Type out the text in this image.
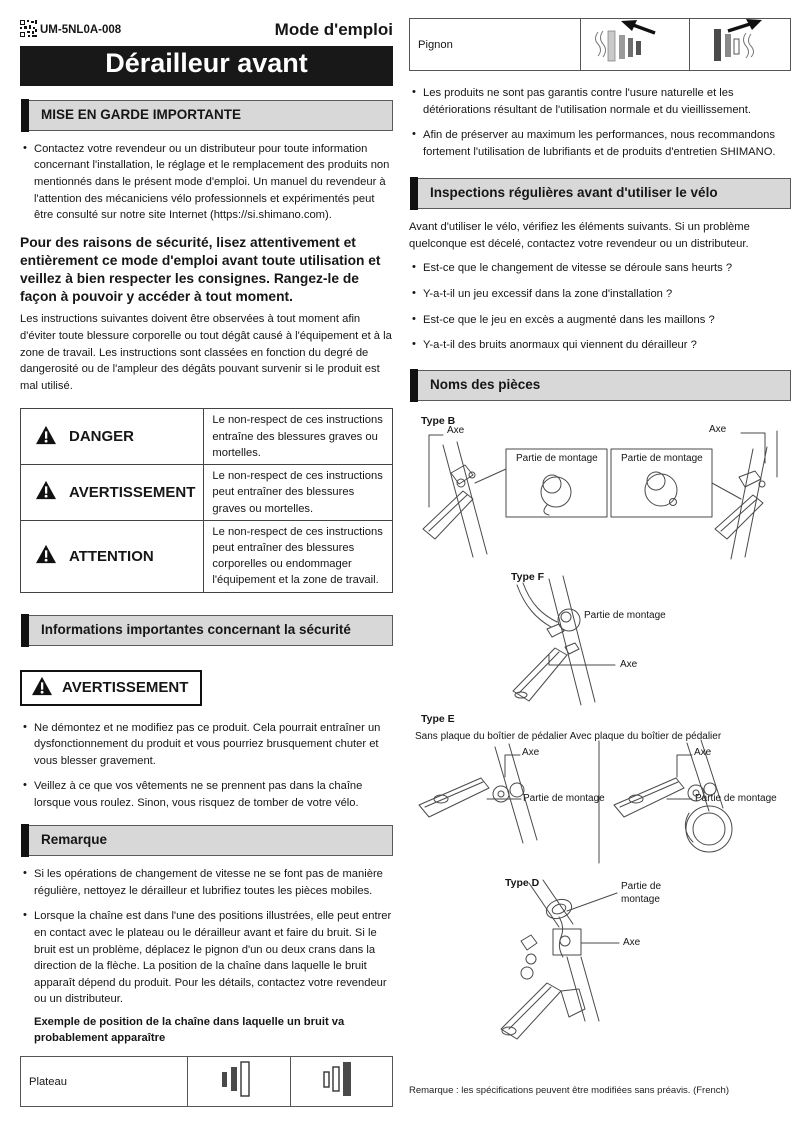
UM-5NL0A-008	Mode d'emploi
Dérailleur avant
MISE EN GARDE IMPORTANTE
• Contactez votre revendeur ou un distributeur pour toute information concernant l'installation, le réglage et le remplacement des produits non mentionnés dans le présent mode d'emploi. Un manuel du revendeur à l'attention des mécaniciens vélo professionnels et expérimentés peut être consulté sur notre site Internet (https://si.shimano.com).
Pour des raisons de sécurité, lisez attentivement et entièrement ce mode d'emploi avant toute utilisation et veillez à bien respecter les consignes. Rangez-le de façon à pouvoir y accéder à tout moment.

Les instructions suivantes doivent être observées à tout moment afin d'éviter toute blessure corporelle ou tout dégât causé à l'équipement et à la zone de travail. Les instructions sont classées en fonction du degré de dangerosité ou de l'ampleur des dégâts pouvant survenir si le produit est mal utilisé.

DANGER	Le non-respect de ces instructions entraîne des blessures graves ou mortelles.

AVERTISSEMENT	Le non-respect de ces instructions peut entraîner des blessures graves ou mortelles.

ATTENTION	Le non-respect de ces instructions peut entraîner des blessures corporelles ou endommager l'équipement et la zone de travail.
Informations importantes concernant la sécurité
AVERTISSEMENT
• Ne démontez et ne modifiez pas ce produit. Cela pourrait entraîner un dysfonctionnement du produit et vous pourriez brusquement chuter et vous blesser gravement.
• Veillez à ce que vos vêtements ne se prennent pas dans la chaîne lorsque vous roulez. Sinon, vous risquez de tomber de votre vélo.
Remarque
• Si les opérations de changement de vitesse ne se font pas de manière régulière, nettoyez le dérailleur et lubrifiez toutes les pièces mobiles.
• Lorsque la chaîne est dans l'une des positions illustrées, elle peut entrer en contact avec le plateau ou le dérailleur avant et faire du bruit. Si le bruit est un problème, déplacez le pignon d'un ou deux crans dans la direction de la flèche. La position de la chaîne dans laquelle le bruit apparaît dépend du produit. Pour les détails, contactez votre revendeur ou un distributeur.
Exemple de position de la chaîne dans laquelle un bruit va probablement apparaître
Plateau		
Pignon		
• Les produits ne sont pas garantis contre l'usure naturelle et les détériorations résultant de l'utilisation normale et du vieillissement.
• Afin de préserver au maximum les performances, nous recommandons fortement l'utilisation de lubrifiants et de produits d'entretien SHIMANO.
Inspections régulières avant d'utiliser le vélo

Avant d'utiliser le vélo, vérifiez les éléments suivants. Si un problème quelconque est décelé, contactez votre revendeur ou un distributeur.

• Est-ce que le changement de vitesse se déroule sans heurts ?
• Y-a-t-il un jeu excessif dans la zone d'installation ?
• Est-ce que le jeu en excès a augmenté dans les maillons ?
• Y-a-t-il des bruits anormaux qui viennent du dérailleur ?
Noms des pièces
Type B
Axe
Partie de montage Partie de montage
Axe
Type F
Partie de montage
Axe
Type E
Sans plaque du boîtier de pédalier Avec plaque du boîtier de pédalier
Axe
Partie de montage
Axe
Partie de montage
Type D	Partie de
montage
Axe
Remarque : les spécifications peuvent être modifiées sans préavis. (French)
